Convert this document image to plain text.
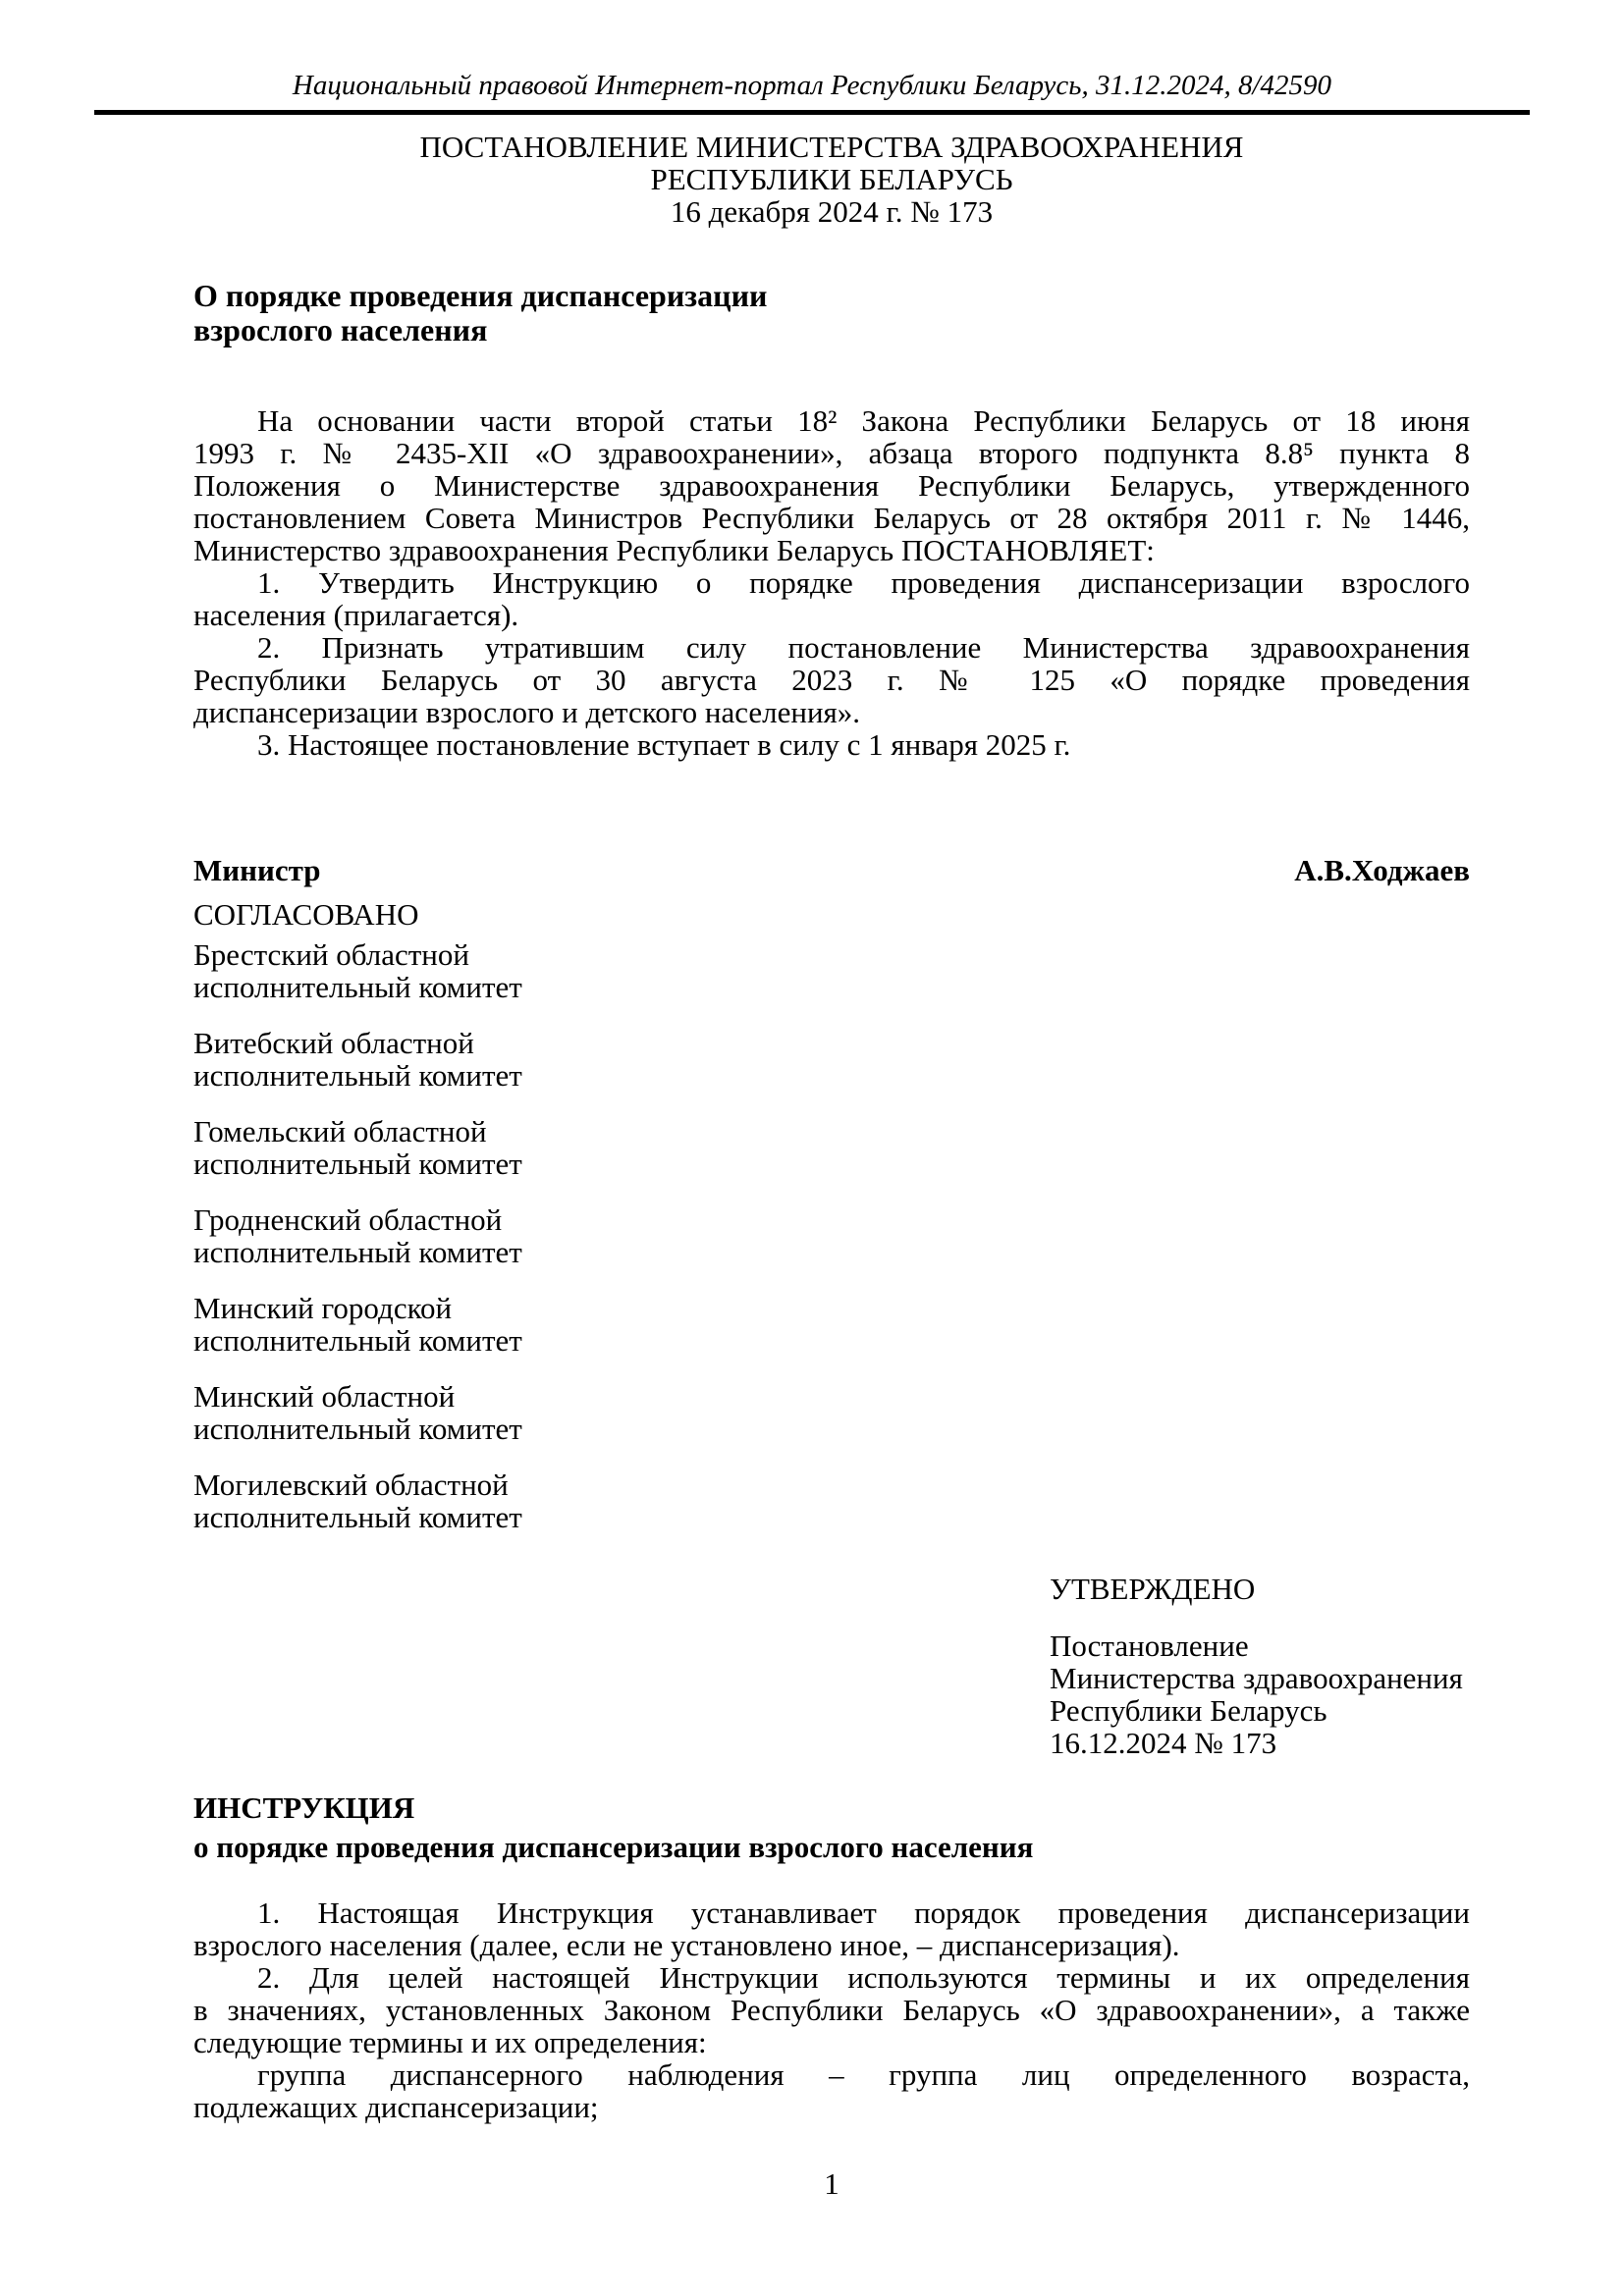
Национальный правовой Интернет-портал Республики Беларусь, 31.12.2024, 8/42590
ПОСТАНОВЛЕНИЕ МИНИСТЕРСТВА ЗДРАВООХРАНЕНИЯ
РЕСПУБЛИКИ БЕЛАРУСЬ
16 декабря 2024 г. № 173
О порядке проведения диспансеризации
взрослого населения
На основании части второй статьи 18² Закона Республики Беларусь от 18 июня
1993 г. № 2435-XII «О здравоохранении», абзаца второго подпункта 8.8⁵ пункта 8
Положения о Министерстве здравоохранения Республики Беларусь, утвержденного
постановлением Совета Министров Республики Беларусь от 28 октября 2011 г. № 1446,
Министерство здравоохранения Республики Беларусь ПОСТАНОВЛЯЕТ:
1. Утвердить Инструкцию о порядке проведения диспансеризации взрослого
населения (прилагается).
2. Признать утратившим силу постановление Министерства здравоохранения
Республики Беларусь от 30 августа 2023 г. № 125 «О порядке проведения
диспансеризации взрослого и детского населения».
3. Настоящее постановление вступает в силу с 1 января 2025 г.
Министр	А.В.Ходжаев
СОГЛАСОВАНО
Брестский областной
исполнительный комитет
Витебский областной
исполнительный комитет
Гомельский областной
исполнительный комитет
Гродненский областной
исполнительный комитет
Минский городской
исполнительный комитет
Минский областной
исполнительный комитет
Могилевский областной
исполнительный комитет
УТВЕРЖДЕНО
Постановление
Министерства здравоохранения
Республики Беларусь
16.12.2024 № 173
ИНСТРУКЦИЯ
о порядке проведения диспансеризации взрослого населения
1. Настоящая Инструкция устанавливает порядок проведения диспансеризации
взрослого населения (далее, если не установлено иное, – диспансеризация).
2. Для целей настоящей Инструкции используются термины и их определения
в значениях, установленных Законом Республики Беларусь «О здравоохранении», а также
следующие термины и их определения:
группа диспансерного наблюдения – группа лиц определенного возраста,
подлежащих диспансеризации;
1
